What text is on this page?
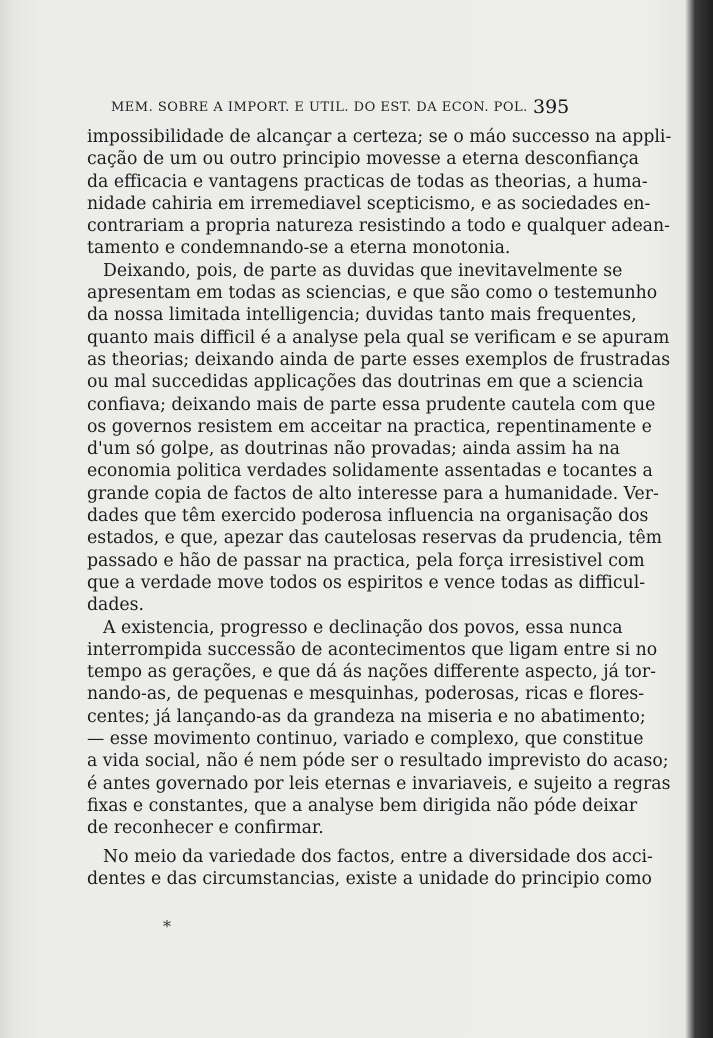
MEM. SOBRE A IMPORT. E UTIL. DO EST. DA ECON. POL. 395
impossibilidade de alcançar a certeza; se o máo successo na appli-
cação de um ou outro principio movesse a eterna desconfiança
da efficacia e vantagens practicas de todas as theorias, a huma-
nidade cahiria em irremediavel scepticismo, e as sociedades en-
contrariam a propria natureza resistindo a todo e qualquer adean-
tamento e condemnando-se a eterna monotonia.
Deixando, pois, de parte as duvidas que inevitavelmente se
apresentam em todas as sciencias, e que são como o testemunho
da nossa limitada intelligencia; duvidas tanto mais frequentes,
quanto mais difficil é a analyse pela qual se verificam e se apuram
as theorias; deixando ainda de parte esses exemplos de frustradas
ou mal succedidas applicações das doutrinas em que a sciencia
confiava; deixando mais de parte essa prudente cautela com que
os governos resistem em acceitar na practica, repentinamente e
d'um só golpe, as doutrinas não provadas; ainda assim ha na
economia politica verdades solidamente assentadas e tocantes a
grande copia de factos de alto interesse para a humanidade. Ver-
dades que têm exercido poderosa influencia na organisação dos
estados, e que, apezar das cautelosas reservas da prudencia, têm
passado e hão de passar na practica, pela força irresistivel com
que a verdade move todos os espiritos e vence todas as difficul-
dades.
A existencia, progresso e declinação dos povos, essa nunca
interrompida successão de acontecimentos que ligam entre si no
tempo as gerações, e que dá ás nações differente aspecto, já tor-
nando-as, de pequenas e mesquinhas, poderosas, ricas e flores-
centes; já lançando-as da grandeza na miseria e no abatimento;
— esse movimento continuo, variado e complexo, que constitue
a vida social, não é nem póde ser o resultado imprevisto do acaso;
é antes governado por leis eternas e invariaveis, e sujeito a regras
fixas e constantes, que a analyse bem dirigida não póde deixar
de reconhecer e confirmar.
No meio da variedade dos factos, entre a diversidade dos acci-
dentes e das circumstancias, existe a unidade do principio como
*
